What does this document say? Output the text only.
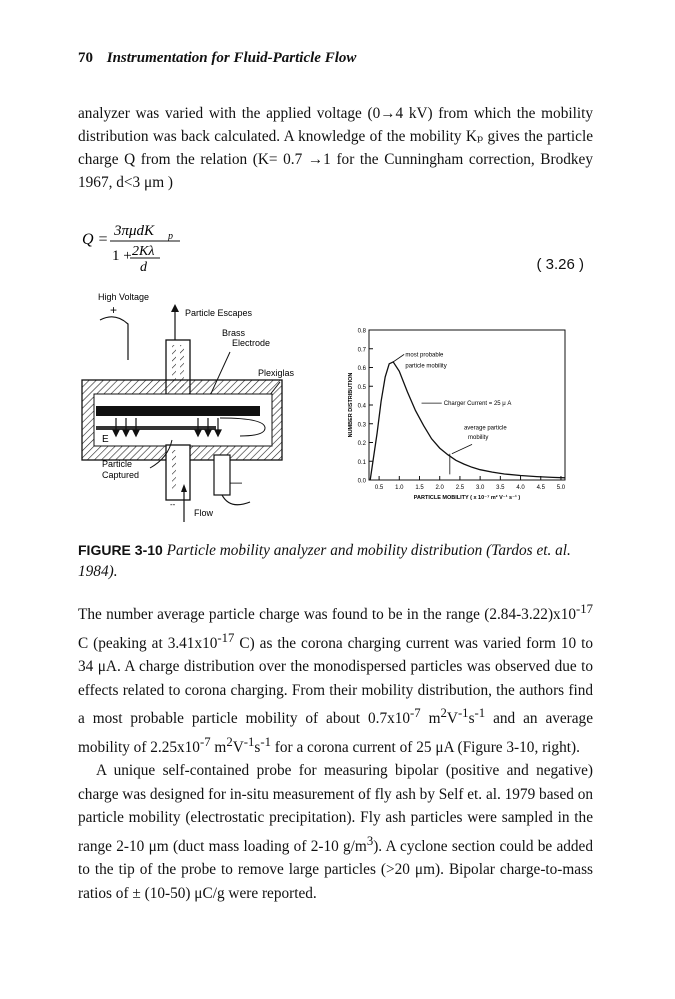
70 Instrumentation for Fluid-Particle Flow
analyzer was varied with the applied voltage (0→4 kV) from which the mobility distribution was back calculated. A knowledge of the mobility Kₚ gives the particle charge Q from the relation (K= 0.7 →1 for the Cunningham correction, Brodkey 1967, d<3 μm )
Q = 3πμdK p
1 + 2Kλ
d	( 3.26 )
High Voltage
+	Particle Escapes
Brass Electrode
Plexiglas
E
Particle Captured	—
--
Flow
0.0
0.1
0.2
0.3
0.4
0.5
0.6
0.7
0.8
0.5 1.0 1.5 2.0 2.5 3.0 3.5 4.0 4.5 5.0
PARTICLE MOBILITY ( x 10⁻⁷ m² V⁻¹ s⁻¹ )
NUMBER DISTRIBUTION
most probable
particle mobility
Charger Current = 25 μ A
average particle
mobility
FIGURE 3-10 Particle mobility analyzer and mobility distribution (Tardos et. al. 1984).
The number average particle charge was found to be in the range $(2.84-3.22)x10^{-17}$ C (peaking at $3.41x10^{-17}$ C) as the corona charging current was varied form 10 to 34 μA. A charge distribution over the monodispersed particles was observed due to effects related to corona charging. From their mobility distribution, the authors find a most probable particle mobility of about $0.7x10^{-7}$ $m^2V^{-1}s^{-1}$ and an average mobility of $2.25x10^{-7}$ $m^2V^{-1}s^{-1}$ for a corona current of 25 μA (Figure 3-10, right).
A unique self-contained probe for measuring bipolar (positive and negative) charge was designed for in-situ measurement of fly ash by Self et. al. 1979 based on particle mobility (electrostatic precipitation). Fly ash particles were sampled in the range 2-10 μm (duct mass loading of 2-10 $g/m^3$). A cyclone section could be added to the tip of the probe to remove large particles (>20 μm). Bipolar charge-to-mass ratios of ± (10-50) μC/g were reported.
